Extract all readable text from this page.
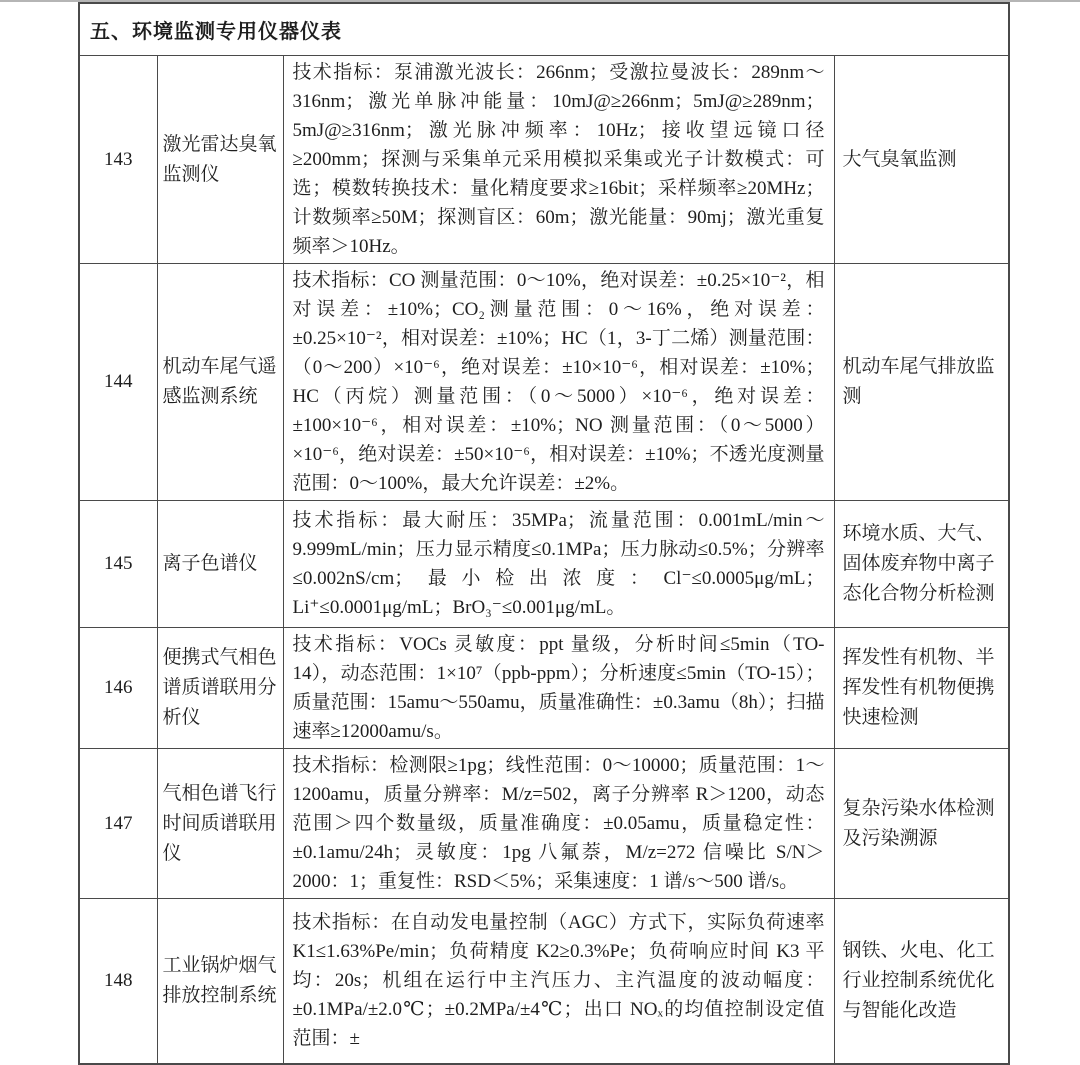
五、环境监测专用仪器仪表			
143	激光雷达臭氧监测仪	技术指标：泵浦激光波长：266nm；受激拉曼波长：289nm～316nm；激光单脉冲能量：10mJ@≥266nm；5mJ@≥289nm；5mJ@≥316nm；激光脉冲频率：10Hz；接收望远镜口径≥200mm；探测与采集单元采用模拟采集或光子计数模式：可选；模数转换技术：量化精度要求≥16bit；采样频率≥20MHz；计数频率≥50M；探测盲区：60m；激光能量：90mj；激光重复频率＞10Hz。	大气臭氧监测
144	机动车尾气遥感监测系统	技术指标：CO 测量范围：0～10%，绝对误差：±0.25×10⁻²，相对误差：±10%；CO₂测量范围：0～16%，绝对误差：±0.25×10⁻²，相对误差：±10%；HC（1，3-丁二烯）测量范围：（0～200）×10⁻⁶，绝对误差：±10×10⁻⁶，相对误差：±10%；HC（丙烷）测量范围：（0～5000）×10⁻⁶，绝对误差：±100×10⁻⁶，相对误差：±10%；NO 测量范围：（0～5000）×10⁻⁶，绝对误差：±50×10⁻⁶，相对误差：±10%；不透光度测量范围：0～100%，最大允许误差：±2%。	机动车尾气排放监测
145	离子色谱仪	技术指标：最大耐压：35MPa；流量范围：0.001mL/min～9.999mL/min；压力显示精度≤0.1MPa；压力脉动≤0.5%；分辨率≤0.002nS/cm；最小检出浓度：Cl⁻≤0.0005μg/mL；Li⁺≤0.0001μg/mL；BrO₃⁻≤0.001μg/mL。	环境水质、大气、固体废弃物中离子态化合物分析检测
146	便携式气相色谱质谱联用分析仪	技术指标：VOCs 灵敏度：ppt 量级，分析时间≤5min（TO-14），动态范围：1×10⁷（ppb-ppm）；分析速度≤5min（TO-15）；质量范围：15amu～550amu，质量准确性：±0.3amu（8h）；扫描速率≥12000amu/s。	挥发性有机物、半挥发性有机物便携快速检测
147	气相色谱飞行时间质谱联用仪	技术指标：检测限≥1pg；线性范围：0～10000；质量范围：1～1200amu，质量分辨率：M/z=502，离子分辨率 R＞1200，动态范围＞四个数量级，质量准确度：±0.05amu，质量稳定性：±0.1amu/24h；灵敏度：1pg 八氟萘，M/z=272 信噪比 S/N＞2000：1；重复性：RSD＜5%；采集速度：1 谱/s～500 谱/s。	复杂污染水体检测及污染溯源
148	工业锅炉烟气排放控制系统	技术指标：在自动发电量控制（AGC）方式下，实际负荷速率 K1≤1.63%Pe/min；负荷精度 K2≥0.3%Pe；负荷响应时间 K3 平均：20s；机组在运行中主汽压力、主汽温度的波动幅度：±0.1MPa/±2.0℃；±0.2MPa/±4℃；出口 NOₓ的均值控制设定值范围：±	钢铁、火电、化工行业控制系统优化与智能化改造
